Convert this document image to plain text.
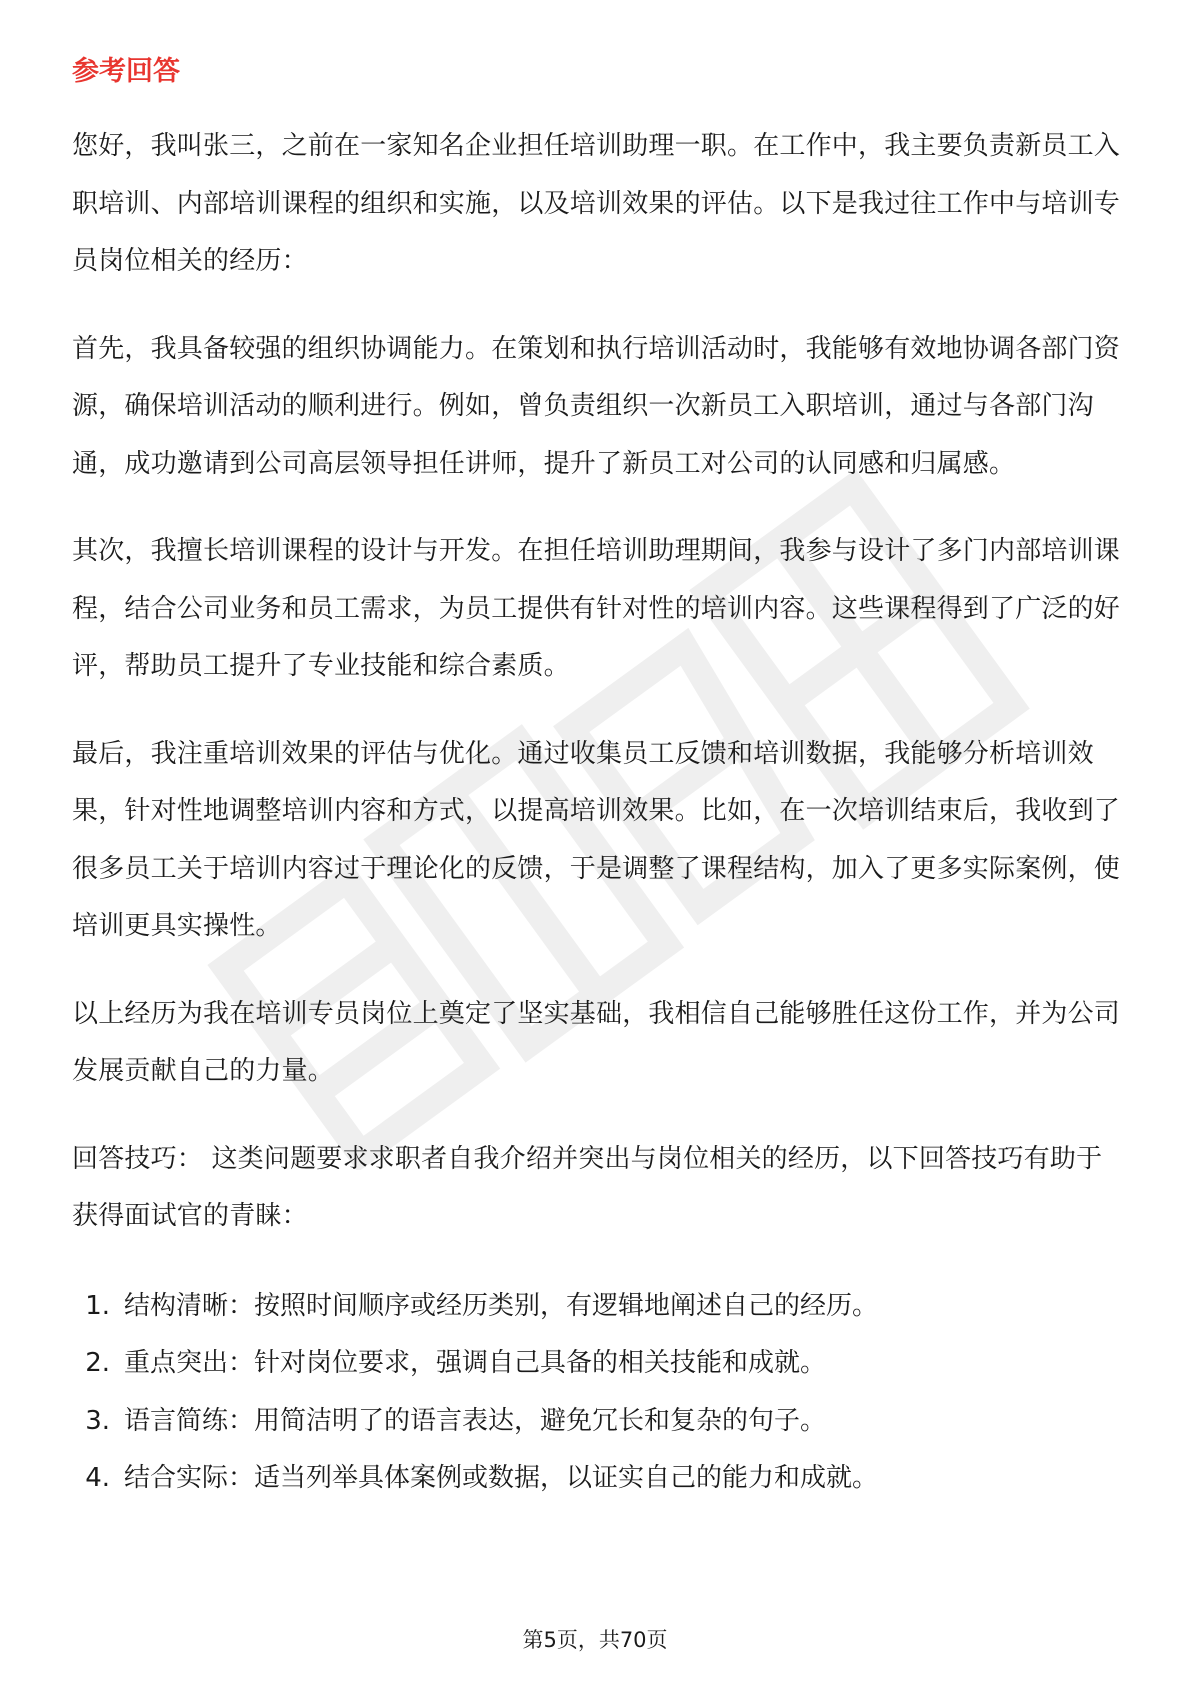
参考回答

您好，我叫张三，之前在一家知名企业担任培训助理一职。在工作中，我主要负责新员工入职培训、内部培训课程的组织和实施，以及培训效果的评估。以下是我过往工作中与培训专员岗位相关的经历：

首先，我具备较强的组织协调能力。在策划和执行培训活动时，我能够有效地协调各部门资源，确保培训活动的顺利进行。例如，曾负责组织一次新员工入职培训，通过与各部门沟通，成功邀请到公司高层领导担任讲师，提升了新员工对公司的认同感和归属感。

其次，我擅长培训课程的设计与开发。在担任培训助理期间，我参与设计了多门内部培训课程，结合公司业务和员工需求，为员工提供有针对性的培训内容。这些课程得到了广泛的好评，帮助员工提升了专业技能和综合素质。

最后，我注重培训效果的评估与优化。通过收集员工反馈和培训数据，我能够分析培训效果，针对性地调整培训内容和方式，以提高培训效果。比如，在一次培训结束后，我收到了很多员工关于培训内容过于理论化的反馈，于是调整了课程结构，加入了更多实际案例，使培训更具实操性。

以上经历为我在培训专员岗位上奠定了坚实基础，我相信自己能够胜任这份工作，并为公司发展贡献自己的力量。

回答技巧： 这类问题要求求职者自我介绍并突出与岗位相关的经历，以下回答技巧有助于获得面试官的青睐：

1. 结构清晰：按照时间顺序或经历类别，有逻辑地阐述自己的经历。
2. 重点突出：针对岗位要求，强调自己具备的相关技能和成就。
3. 语言简练：用简洁明了的语言表达，避免冗长和复杂的句子。
4. 结合实际：适当列举具体案例或数据，以证实自己的能力和成就。
第5页，共70页
